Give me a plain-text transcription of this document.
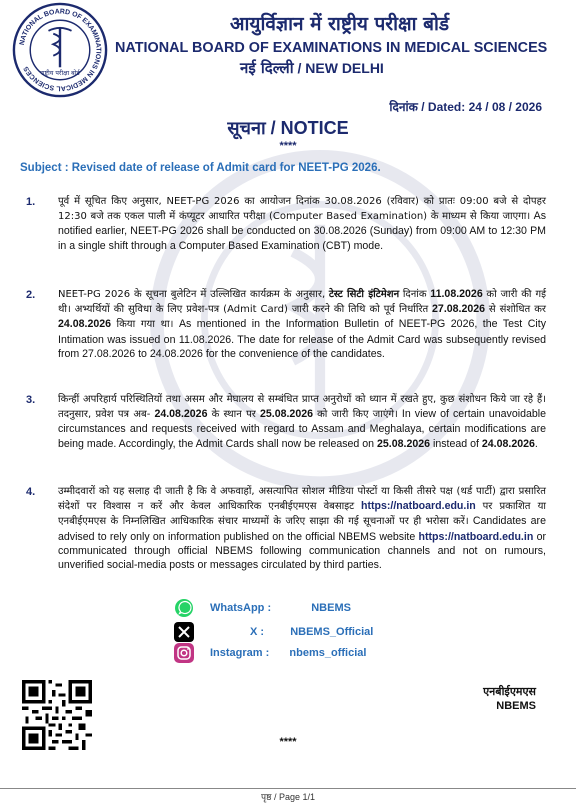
NATIONAL BOARD OF EXAMINATIONS IN MEDICAL SCIENCES
राष्ट्रीय परीक्षा बोर्ड
आयुर्विज्ञान में राष्ट्रीय परीक्षा बोर्ड
NATIONAL BOARD OF EXAMINATIONS IN MEDICAL SCIENCES
नई दिल्ली / NEW DELHI
दिनांक / Dated: 24 / 08 / 2026
सूचना / NOTICE
****
Subject : Revised date of release of Admit card for NEET-PG 2026.
1. पूर्व में सूचित किए अनुसार, NEET-PG 2026 का आयोजन दिनांक 30.08.2026 (रविवार) को प्रातः 09:00 बजे से दोपहर 12:30 बजे तक एकल पाली में कंप्यूटर आधारित परीक्षा (Computer Based Examination) के माध्यम से किया जाएगा। As notified earlier, NEET-PG 2026 shall be conducted on 30.08.2026 (Sunday) from 09:00 AM to 12:30 PM in a single shift through a Computer Based Examination (CBT) mode.
2. NEET-PG 2026 के सूचना बुलेटिन में उल्लिखित कार्यक्रम के अनुसार, टेस्ट सिटी इंटिमेशन दिनांक 11.08.2026 को जारी की गई थी। अभ्यर्थियों की सुविधा के लिए प्रवेश-पत्र (Admit Card) जारी करने की तिथि को पूर्व निर्धारित 27.08.2026 से संशोधित कर 24.08.2026 किया गया था। As mentioned in the Information Bulletin of NEET-PG 2026, the Test City Intimation was issued on 11.08.2026. The date for release of the Admit Card was subsequently revised from 27.08.2026 to 24.08.2026 for the convenience of the candidates.
3. किन्हीं अपरिहार्य परिस्थितियों तथा असम और मेघालय से सम्बंधित प्राप्त अनुरोधों को ध्यान में रखते हुए, कुछ संशोधन किये जा रहे हैं। तदनुसार, प्रवेश पत्र अब- 24.08.2026 के स्थान पर 25.08.2026 को जारी किए जाएंगे। In view of certain unavoidable circumstances and requests received with regard to Assam and Meghalaya, certain modifications are being made. Accordingly, the Admit Cards shall now be released on 25.08.2026 instead of 24.08.2026.
4. उम्मीदवारों को यह सलाह दी जाती है कि वे अफवाहों, असत्यापित सोशल मीडिया पोस्टों या किसी तीसरे पक्ष (थर्ड पार्टी) द्वारा प्रसारित संदेशों पर विश्वास न करें और केवल आधिकारिक एनबीईएमएस वेबसाइट https://natboard.edu.in पर प्रकाशित या एनबीईएमएस के निम्नलिखित आधिकारिक संचार माध्यमों के जरिए साझा की गई सूचनाओं पर ही भरोसा करें। Candidates are advised to rely only on information published on the official NBEMS website https://natboard.edu.in or communicated through official NBEMS following communication channels and not on rumours, unverified social-media posts or messages circulated by third parties.
WhatsApp :	NBEMS
X : NBEMS_Official
Instagram : nbems_official
एनबीईएमएस
NBEMS
****
पृष्ठ / Page 1/1
